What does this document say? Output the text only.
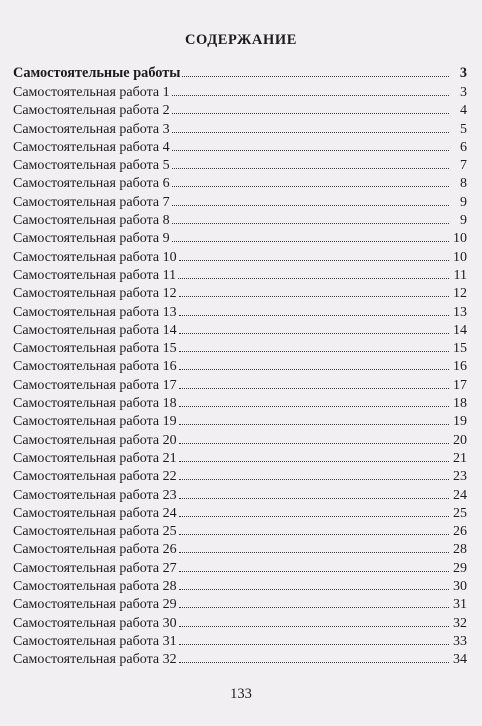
СОДЕРЖАНИЕ
Самостоятельные работы	3
Самостоятельная работа 1	3
Самостоятельная работа 2	4
Самостоятельная работа 3	5
Самостоятельная работа 4	6
Самостоятельная работа 5	7
Самостоятельная работа 6	8
Самостоятельная работа 7	9
Самостоятельная работа 8	9
Самостоятельная работа 9	10
Самостоятельная работа 10	10
Самостоятельная работа 11	11
Самостоятельная работа 12	12
Самостоятельная работа 13	13
Самостоятельная работа 14	14
Самостоятельная работа 15	15
Самостоятельная работа 16	16
Самостоятельная работа 17	17
Самостоятельная работа 18	18
Самостоятельная работа 19	19
Самостоятельная работа 20	20
Самостоятельная работа 21	21
Самостоятельная работа 22	23
Самостоятельная работа 23	24
Самостоятельная работа 24	25
Самостоятельная работа 25	26
Самостоятельная работа 26	28
Самостоятельная работа 27	29
Самостоятельная работа 28	30
Самостоятельная работа 29	31
Самостоятельная работа 30	32
Самостоятельная работа 31	33
Самостоятельная работа 32	34
133
